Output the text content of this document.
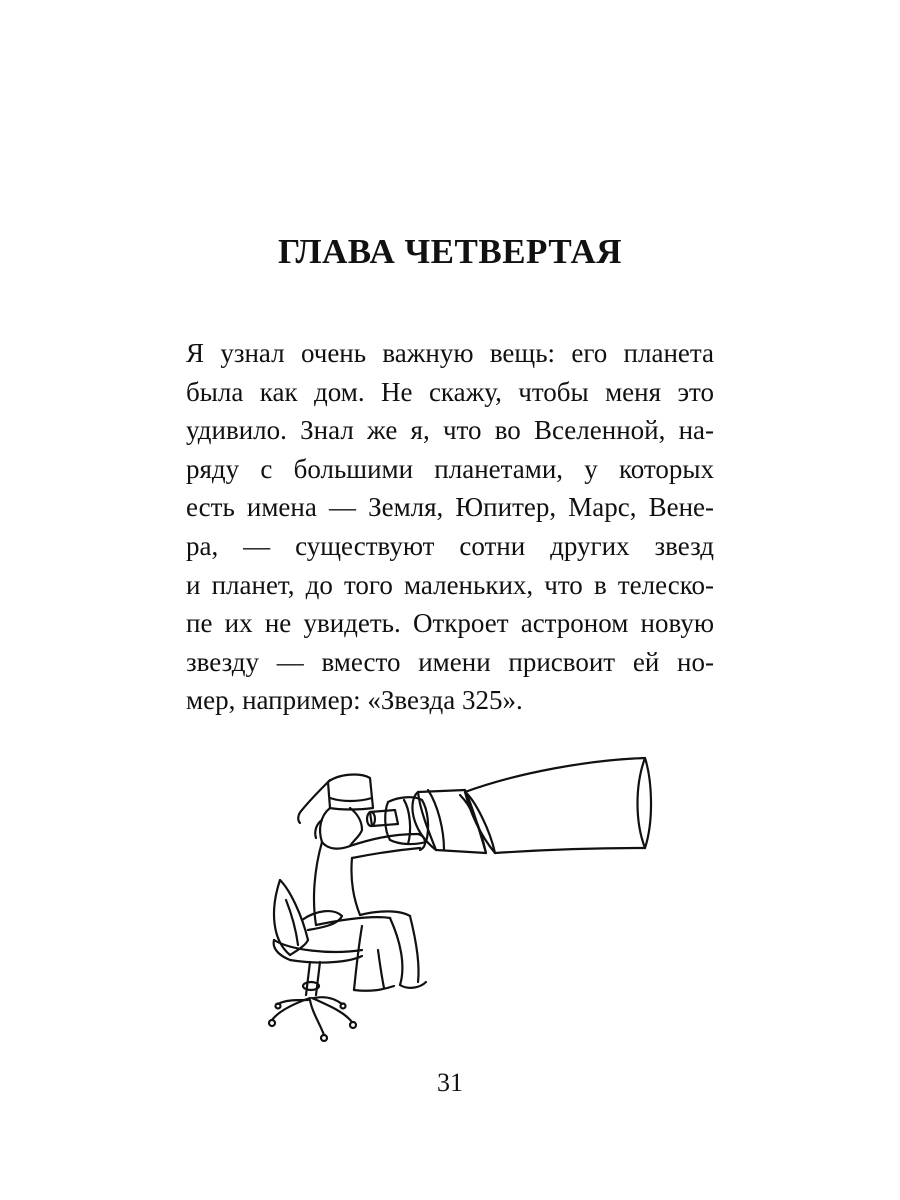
ГЛАВА ЧЕТВЕРТАЯ
Я узнал очень важную вещь: его планета
была как дом. Не скажу, чтобы меня это
удивило. Знал же я, что во Вселенной, на-
ряду с большими планетами, у которых
есть имена — Земля, Юпитер, Марс, Вене-
ра, — существуют сотни других звезд
и планет, до того маленьких, что в телеско-
пе их не увидеть. Откроет астроном новую
звезду — вместо имени присвоит ей но-
мер, например: «Звезда 325».
31
